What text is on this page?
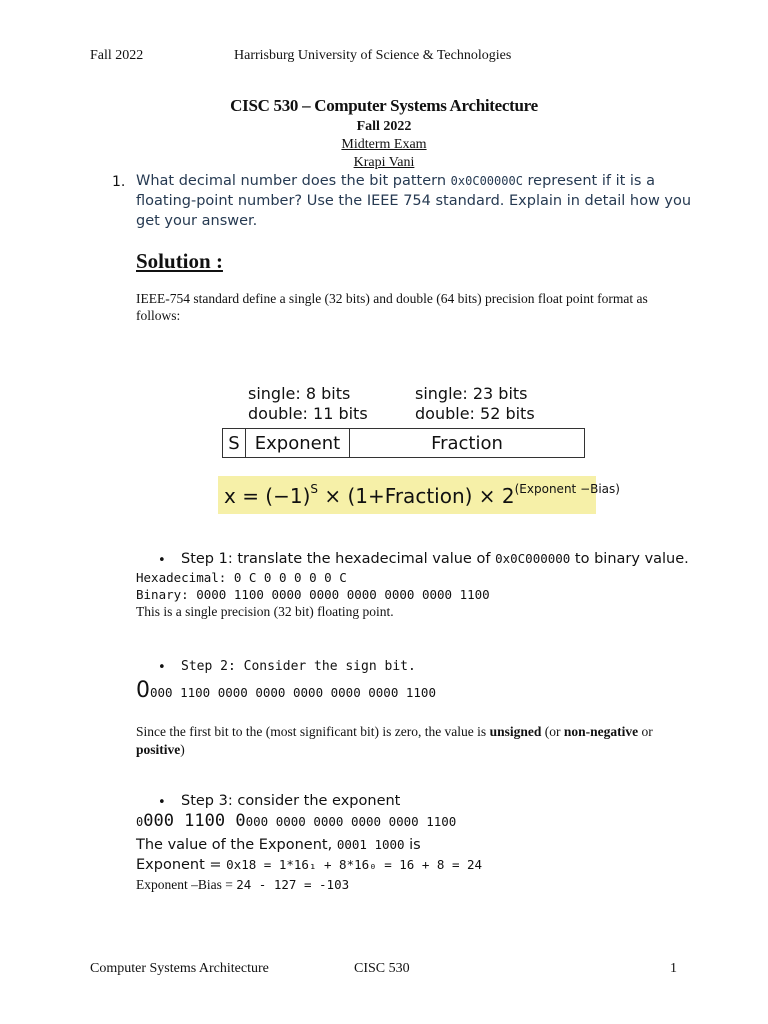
Fall 2022	Harrisburg University of Science & Technologies
CISC 530 – Computer Systems Architecture
Fall 2022
Midterm Exam
Krapi Vani
1. What decimal number does the bit pattern 0x0C00000C represent if it is a floating-point number? Use the IEEE 754 standard. Explain in detail how you get your answer.
Solution :
IEEE-754 standard define a single (32 bits) and double (64 bits) precision float point format as follows:
single: 8 bits
double: 11 bits
single: 23 bits
double: 52 bits
S Exponent	Fraction
$x = (-1)^S$ × (1+Fraction) × $2^{(Exponent -Bias)}$
• Step 1: translate the hexadecimal value of 0x0C000000 to binary value.
Hexadecimal: 0 C 0 0 0 0 0 C
Binary: 0000 1100 0000 0000 0000 0000 0000 1100
This is a single precision (32 bit) floating point.
• Step 2: Consider the sign bit.
0000 1100 0000 0000 0000 0000 0000 1100
Since the first bit to the (most significant bit) is zero, the value is unsigned (or non-negative or positive)
• Step 3: consider the exponent
0000 1100 0000 0000 0000 0000 0000 1100
The value of the Exponent, 0001 1000 is
Exponent = 0x18 = 1*16₁ + 8*16₀ = 16 + 8 = 24
Exponent –Bias = 24 - 127 = -103
Computer Systems Architecture	CISC 530	1
